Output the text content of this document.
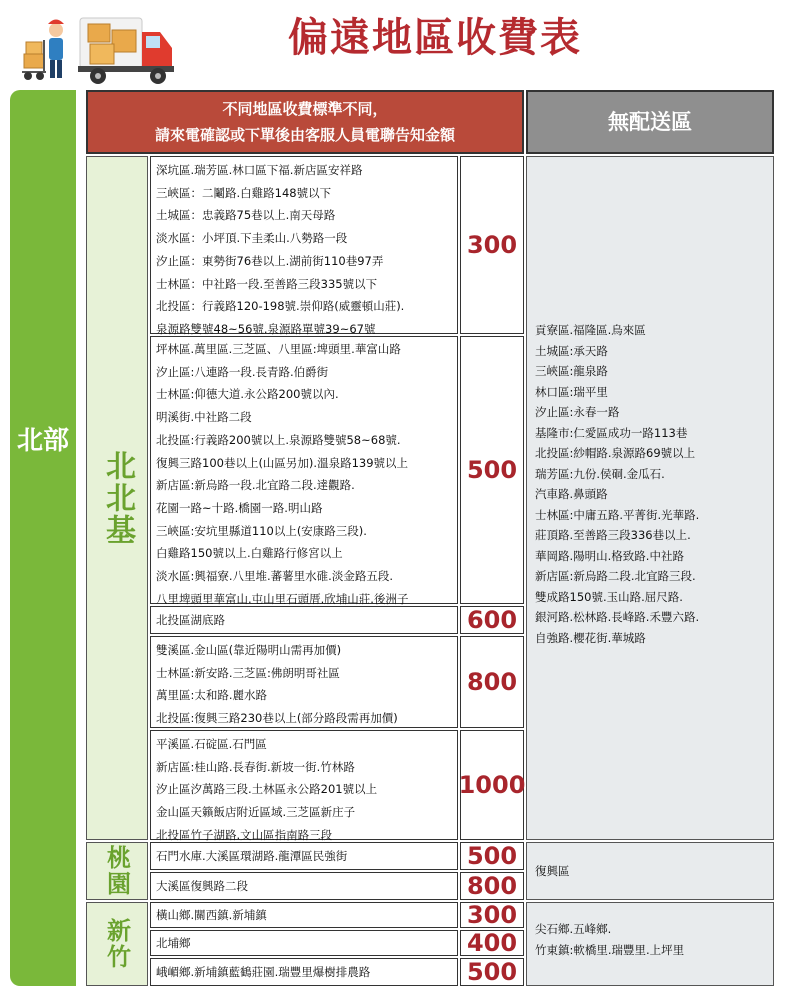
偏遠地區收費表
北部
不同地區收費標準不同，
請來電確認或下單後由客服人員電聯告知金額
無配送區
北北基
深坑區.瑞芳區.林口區下福.新店區安祥路
三峽區：二鬮路.白雞路148號以下
土城區：忠義路75巷以上.南天母路
淡水區：小坪頂.下圭柔山.八勢路一段
汐止區：東勢街76巷以上.湖前街110巷97弄
士林區：中社路一段.至善路三段335號以下
北投區：行義路120-198號.崇仰路(威靈頓山莊).
泉源路雙號48~56號.泉源路單號39~67號
300
坪林區.萬里區.三芝區、八里區:埤頭里.華富山路
汐止區:八連路一段.長青路.伯爵街
士林區:仰德大道.永公路200號以內.
明溪街.中社路二段
北投區:行義路200號以上.泉源路雙號58~68號.
復興三路100巷以上(山區另加).溫泉路139號以上
新店區:新烏路一段.北宜路二段.達觀路.
花園一路~十路.橋園一路.明山路
三峽區:安坑里縣道110以上(安康路三段).
白雞路150號以上.白雞路行修宮以上
淡水區:興福寮.八里堆.蕃薯里水碓.淡金路五段.
八里埤頭里華富山.屯山里石頭厝.欣埔山莊.後洲子
500
北投區湖底路	600
雙溪區.金山區(靠近陽明山需再加價)
士林區:新安路.三芝區:佛朗明哥社區
萬里區:太和路.麗水路
北投區:復興三路230巷以上(部分路段需再加價)
800
平溪區.石碇區.石門區
新店區:桂山路.長春街.新坡一街.竹林路
汐止區汐萬路三段.土林區永公路201號以上
金山區天籟飯店附近區域.三芝區新庄子
北投區竹子湖路.文山區指南路三段
1000
貢寮區.福隆區.烏來區
土城區:承天路
三峽區:龍泉路
林口區:瑞平里
汐止區:永春一路
基隆市:仁愛區成功一路113巷
北投區:紗帽路.泉源路69號以上
瑞芳區:九份.侯硐.金瓜石.
汽車路.鼻頭路
士林區:中庸五路.平菁街.光華路.
莊頂路.至善路三段336巷以上.
華岡路.陽明山.格致路.中社路
新店區:新烏路二段.北宜路三段.
雙成路150號.玉山路.屈尺路.
銀河路.松林路.長峰路.禾豐六路.
自強路.櫻花街.華城路
桃園	石門水庫.大溪區環湖路.龍潭區民強街	500
大溪區復興路二段	800
復興區
新竹
橫山鄉.關西鎮.新埔鎮	300
北埔鄉	400
峨嵋鄉.新埔鎮藍鶴莊園.瑞豐里爆樹排農路	500
尖石鄉.五峰鄉.
竹東鎮:軟橋里.瑞豐里.上坪里
